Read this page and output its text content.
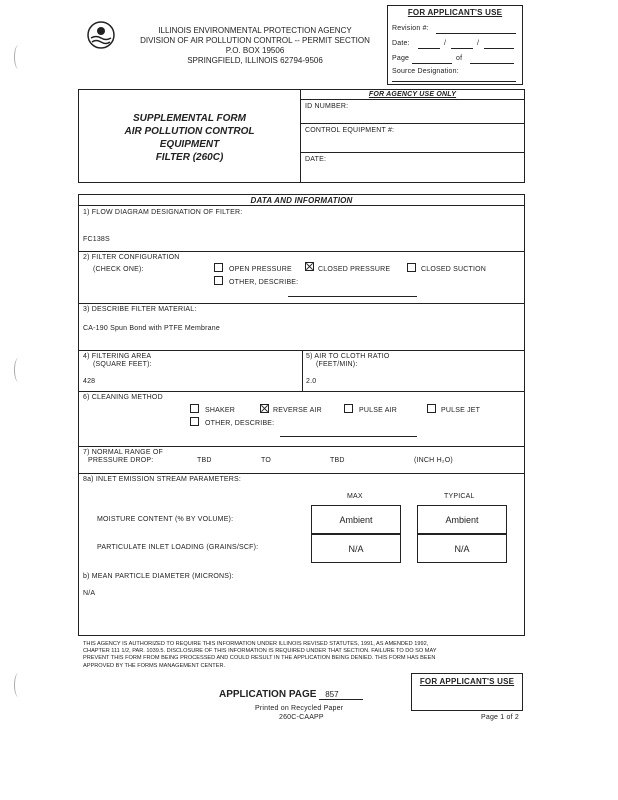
ILLINOIS ENVIRONMENTAL PROTECTION AGENCY
DIVISION OF AIR POLLUTION CONTROL -- PERMIT SECTION
P.O. BOX 19506
SPRINGFIELD, ILLINOIS 62794-9506
FOR APPLICANT'S USE
Revision #:
Date:	/	/
Page	of
Source Designation:
SUPPLEMENTAL FORM
AIR POLLUTION CONTROL
EQUIPMENT
FILTER (260C)
FOR AGENCY USE ONLY
ID NUMBER:
CONTROL EQUIPMENT #:
DATE:
DATA AND INFORMATION
1) FLOW DIAGRAM DESIGNATION OF FILTER:
FC138S
2) FILTER CONFIGURATION
(CHECK ONE):	OPEN PRESSURE	CLOSED PRESSURE	CLOSED SUCTION
OTHER, DESCRIBE:
3) DESCRIBE FILTER MATERIAL:
CA-190 Spun Bond with PTFE Membrane
4) FILTERING AREA
(SQUARE FEET):
428
5) AIR TO CLOTH RATIO
(FEET/MIN):
2.0
6) CLEANING METHOD
SHAKER	REVERSE AIR	PULSE AIR	PULSE JET
OTHER, DESCRIBE:
7) NORMAL RANGE OF
PRESSURE DROP:	TBD	TO	TBD	(INCH H₂O)
8a) INLET EMISSION STREAM PARAMETERS:
MAX	TYPICAL
MOISTURE CONTENT (% BY VOLUME):	Ambient	Ambient
PARTICULATE INLET LOADING (GRAINS/SCF):	N/A	N/A
b) MEAN PARTICLE DIAMETER (MICRONS):
N/A
THIS AGENCY IS AUTHORIZED TO REQUIRE THIS INFORMATION UNDER ILLINOIS REVISED STATUTES, 1991, AS AMENDED 1992,
CHAPTER 111 1/2, PAR. 1039.5. DISCLOSURE OF THIS INFORMATION IS REQUIRED UNDER THAT SECTION. FAILURE TO DO SO MAY
PREVENT THIS FORM FROM BEING PROCESSED AND COULD RESULT IN THE APPLICATION BEING DENIED. THIS FORM HAS BEEN
APPROVED BY THE FORMS MANAGEMENT CENTER.
FOR APPLICANT'S USE
APPLICATION PAGE 857
Printed on Recycled Paper
260C-CAAPP	Page 1 of 2
